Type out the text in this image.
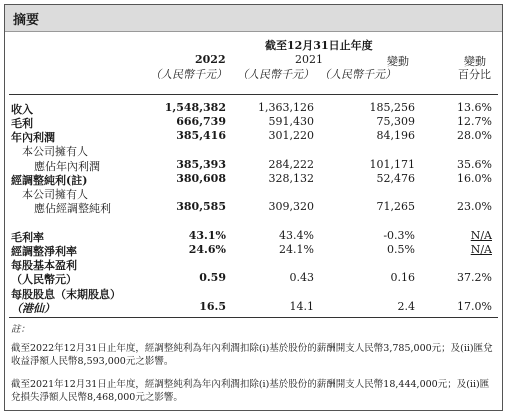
摘要
截至12月31日止年度
2022
（人民幣千元）
2021
（人民幣千元）
變動
（人民幣千元）
變動
百分比
收入
毛利
年內利潤
本公司擁有人
應佔年內利潤
經調整純利(註)
本公司擁有人
應佔經調整純利
毛利率
經調整淨利率
每股基本盈利
（人民幣元）
每股股息（末期股息）
（港仙）
1,548,382
666,739
385,416
385,393
380,608
380,585
43.1%
24.6%
0.59
16.5
1,363,126
591,430
301,220
284,222
328,132
309,320
43.4%
24.1%
0.43
14.1
185,256
75,309
84,196
101,171
52,476
71,265
-0.3%
0.5%
0.16
2.4
13.6%
12.7%
28.0%
35.6%
16.0%
23.0%
N/A
N/A
37.2%
17.0%
註：
截至2022年12月31日止年度，經調整純利為年內利潤扣除(i)基於股份的薪酬開支人民幣3,785,000元；及(ii)匯兌收益淨額人民幣8,593,000元之影響。
截至2021年12月31日止年度，經調整純利為年內利潤扣除(i)基於股份的薪酬開支人民幣18,444,000元；及(ii)匯兌損失淨額人民幣8,468,000元之影響。
